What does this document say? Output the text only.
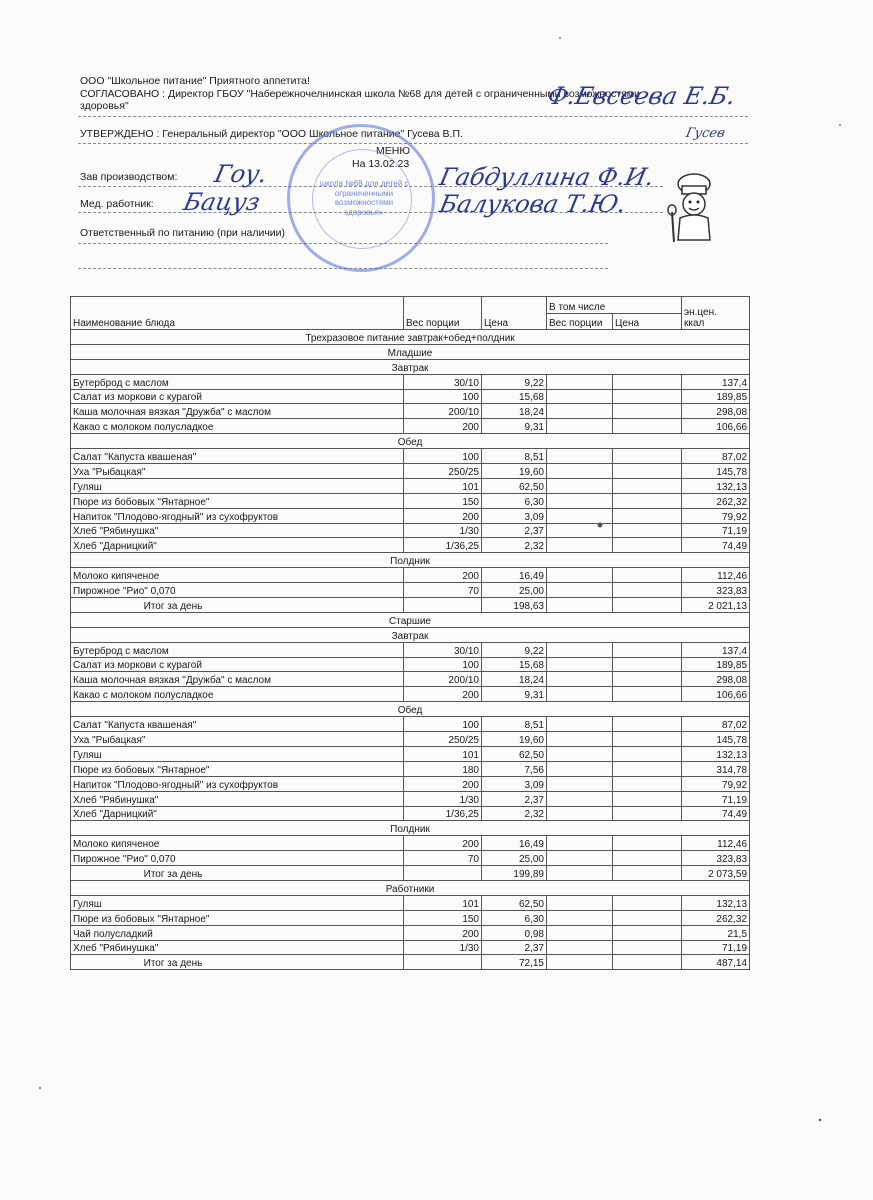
ООО "Школьное питание" Приятного аппетита!
СОГЛАСОВАНО : Директор ГБОУ "Набережночелнинская школа №68 для детей с ограниченными возможностями
здоровья"
УТВЕРЖДЕНО : Генеральный директор "ООО Школьное питание" Гусева В.П.
МЕНЮ
На 13.02.23
Зав производством:
Мед. работник:
Ответственный по питанию (при наличии)
школа №68 для детей с
ограниченными
возможностями
здоровья»
Ф.Евсеева Е.Б.
Гусев
Гоу.	Габдуллина Ф.И.
Бацуз	Балукова Т.Ю.
Наименование блюда	Вес порции	Цена	В том числе		эн.цен.
ккал

			Вес порции	Цена	
Трехразовое питание завтрак+обед+полдник					
Младшие					
Завтрак					
Бутерброд с маслом	30/10	9,22			137,4
Салат из моркови с курагой	100	15,68			189,85
Каша молочная вязкая "Дружба" с маслом	200/10	18,24			298,08
Какао с молоком полусладкое	200	9,31			106,66
Обед					
Салат "Капуста квашеная"	100	8,51			87,02
Уха "Рыбацкая"	250/25	19,60			145,78
Гуляш	101	62,50			132,13
Пюре из бобовых "Янтарное"	150	6,30			262,32
Напиток "Плодово-ягодный" из сухофруктов	200	3,09			79,92
Хлеб "Рябинушка"	1/30	2,37			71,19
Хлеб "Дарницкий"	1/36,25	2,32			74,49
Полдник					
Молоко кипяченое	200	16,49			112,46
Пирожное "Рио" 0,070	70	25,00			323,83
Итог за день		198,63			2 021,13
Старшие					
Завтрак					
Бутерброд с маслом	30/10	9,22			137,4
Салат из моркови с курагой	100	15,68			189,85
Каша молочная вязкая "Дружба" с маслом	200/10	18,24			298,08
Какао с молоком полусладкое	200	9,31			106,66
Обед					
Салат "Капуста квашеная"	100	8,51			87,02
Уха "Рыбацкая"	250/25	19,60			145,78
Гуляш	101	62,50			132,13
Пюре из бобовых "Янтарное"	180	7,56			314,78
Напиток "Плодово-ягодный" из сухофруктов	200	3,09			79,92
Хлеб "Рябинушка"	1/30	2,37			71,19
Хлеб "Дарницкий"	1/36,25	2,32			74,49
Полдник					
Молоко кипяченое	200	16,49			112,46
Пирожное "Рио" 0,070	70	25,00			323,83
Итог за день		199,89			2 073,59
Работники					
Гуляш	101	62,50			132,13
Пюре из бобовых "Янтарное"	150	6,30			262,32
Чай полусладкий	200	0,98			21,5
Хлеб "Рябинушка"	1/30	2,37			71,19
Итог за день		72,15			487,14
